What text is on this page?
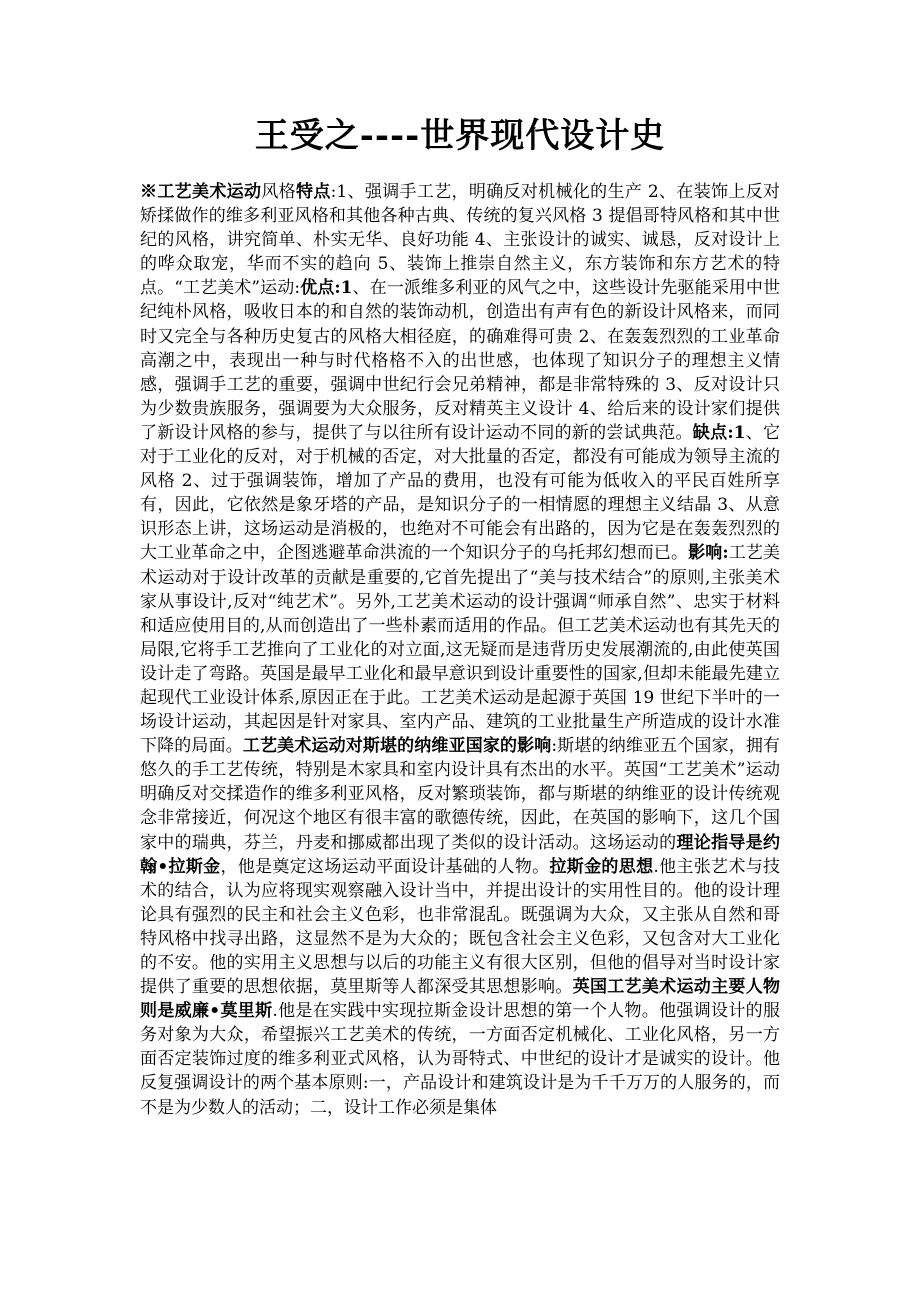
王受之----世界现代设计史

※工艺美术运动风格特点:1、强调手工艺，明确反对机械化的生产 2、在装饰上反对矫揉做作的维多利亚风格和其他各种古典、传统的复兴风格 3 提倡哥特风格和其中世纪的风格，讲究简单、朴实无华、良好功能 4、主张设计的诚实、诚恳，反对设计上的哗众取宠，华而不实的趋向 5、装饰上推崇自然主义，东方装饰和东方艺术的特点。“工艺美术”运动:优点:1、在一派维多利亚的风气之中，这些设计先驱能采用中世纪纯朴风格，吸收日本的和自然的装饰动机，创造出有声有色的新设计风格来，而同时又完全与各种历史复古的风格大相径庭，的确难得可贵 2、在轰轰烈烈的工业革命高潮之中，表现出一种与时代格格不入的出世感，也体现了知识分子的理想主义情感，强调手工艺的重要，强调中世纪行会兄弟精神，都是非常特殊的 3、反对设计只为少数贵族服务，强调要为大众服务，反对精英主义设计 4、给后来的设计家们提供了新设计风格的参与，提供了与以往所有设计运动不同的新的尝试典范。缺点:1、它对于工业化的反对，对于机械的否定，对大批量的否定，都没有可能成为领导主流的风格 2、过于强调装饰，增加了产品的费用，也没有可能为低收入的平民百姓所享有，因此，它依然是象牙塔的产品，是知识分子的一相情愿的理想主义结晶 3、从意识形态上讲，这场运动是消极的，也绝对不可能会有出路的，因为它是在轰轰烈烈的大工业革命之中，企图逃避革命洪流的一个知识分子的乌托邦幻想而已。影响:工艺美术运动对于设计改革的贡献是重要的,它首先提出了“美与技术结合”的原则,主张美术家从事设计,反对“纯艺术”。另外,工艺美术运动的设计强调“师承自然”、忠实于材料和适应使用目的,从而创造出了一些朴素而适用的作品。但工艺美术运动也有其先天的局限,它将手工艺推向了工业化的对立面,这无疑而是违背历史发展潮流的,由此使英国设计走了弯路。英国是最早工业化和最早意识到设计重要性的国家,但却未能最先建立起现代工业设计体系,原因正在于此。工艺美术运动是起源于英国 19 世纪下半叶的一场设计运动，其起因是针对家具、室内产品、建筑的工业批量生产所造成的设计水准下降的局面。工艺美术运动对斯堪的纳维亚国家的影响:斯堪的纳维亚五个国家，拥有悠久的手工艺传统，特别是木家具和室内设计具有杰出的水平。英国“工艺美术”运动明确反对交揉造作的维多利亚风格，反对繁琐装饰，都与斯堪的纳维亚的设计传统观念非常接近，何况这个地区有很丰富的歌德传统，因此，在英国的影响下，这几个国家中的瑞典，芬兰，丹麦和挪威都出现了类似的设计活动。这场运动的理论指导是约翰•拉斯金，他是奠定这场运动平面设计基础的人物。拉斯金的思想.他主张艺术与技术的结合，认为应将现实观察融入设计当中，并提出设计的实用性目的。他的设计理论具有强烈的民主和社会主义色彩，也非常混乱。既强调为大众，又主张从自然和哥特风格中找寻出路，这显然不是为大众的；既包含社会主义色彩，又包含对大工业化的不安。他的实用主义思想与以后的功能主义有很大区别，但他的倡导对当时设计家提供了重要的思想依据，莫里斯等人都深受其思想影响。英国工艺美术运动主要人物则是威廉•莫里斯.他是在实践中实现拉斯金设计思想的第一个人物。他强调设计的服务对象为大众，希望振兴工艺美术的传统，一方面否定机械化、工业化风格，另一方面否定装饰过度的维多利亚式风格，认为哥特式、中世纪的设计才是诚实的设计。他反复强调设计的两个基本原则:一，产品设计和建筑设计是为千千万万的人服务的，而不是为少数人的活动；二，设计工作必须是集体
